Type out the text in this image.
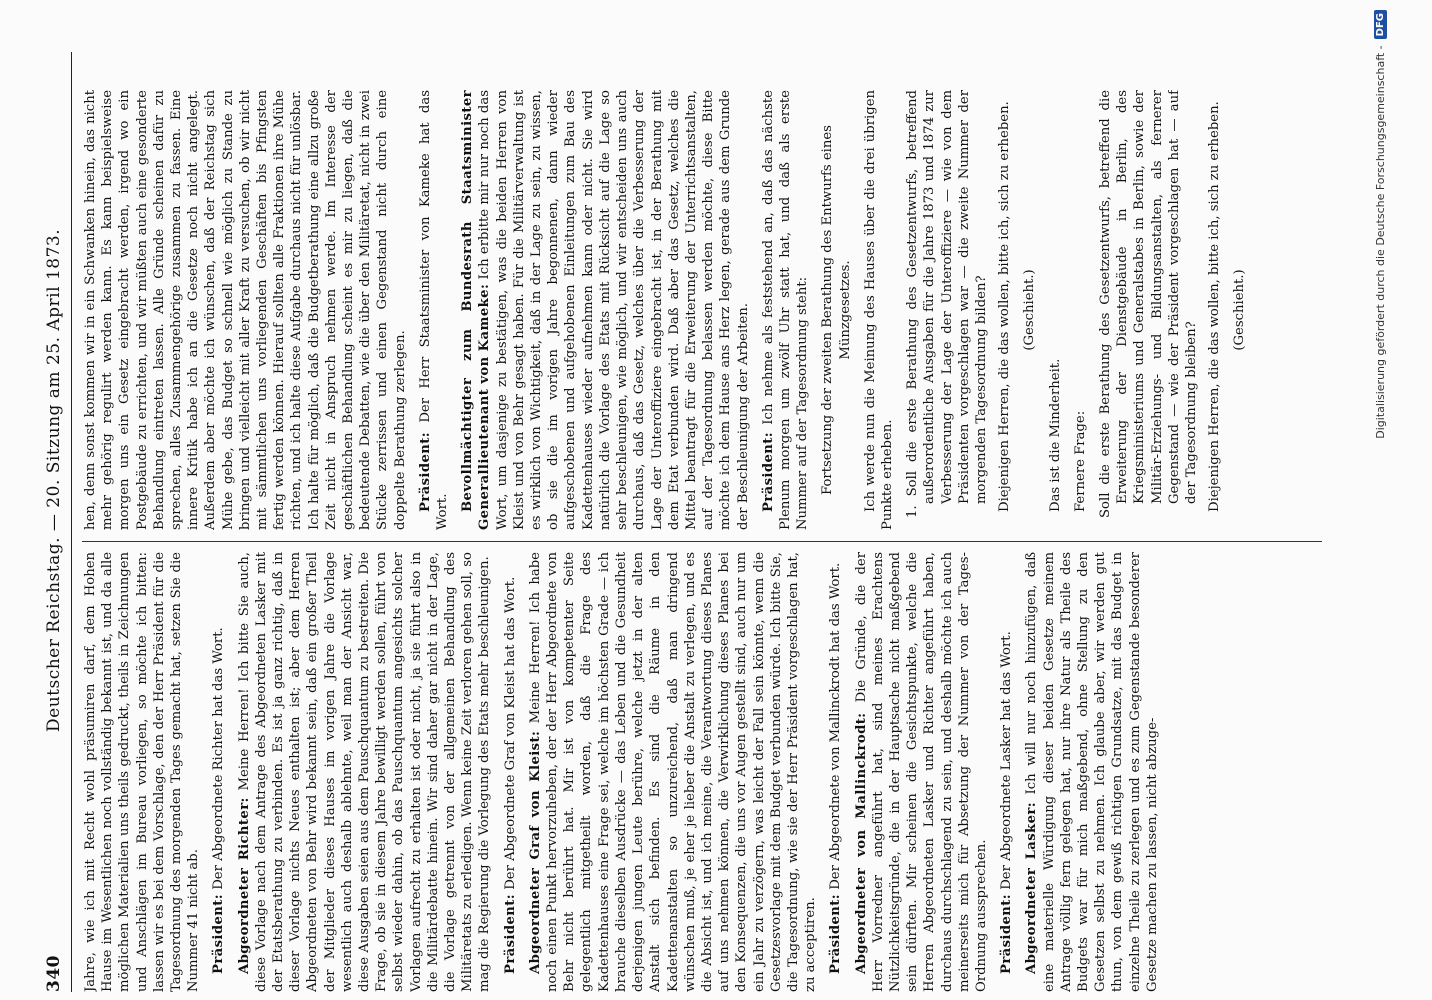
340
Deutscher Reichstag. — 20. Sitzung am 25. April 1873.

Jahre, wie ich mit Recht wohl präsumiren darf, dem Hohen Hause im Wesentlichen noch vollständig bekannt ist, und da alle möglichen Materialien uns theils gedruckt, theils in Zeichnungen und Anschlägen im Bureau vorliegen, so möchte ich bitten: lassen wir es bei dem Vorschlage, den der Herr Präsident für die Tagesordnung des morgenden Tages gemacht hat, setzen Sie die Nummer 41 nicht ab. Präsident: Der Abgeordnete Richter hat das Wort. Abgeordneter Richter: Meine Herren! Ich bitte Sie auch, diese Vorlage nach dem Antrage des Abgeordneten Lasker mit der Etatsberathung zu verbinden. Es ist ja ganz richtig, daß in dieser Vorlage nichts Neues enthalten ist; aber dem Herren Abgeordneten von Behr wird bekannt sein, daß ein großer Theil der Mitglieder dieses Hauses im vorigen Jahre die Vorlage wesentlich auch deshalb ablehnte, weil man der Ansicht war, diese Ausgaben seien aus dem Pauschquantum zu bestreiten. Die Frage, ob sie in diesem Jahre bewilligt werden sollen, führt von selbst wieder dahin, ob das Pauschquantum angesichts solcher Vorlagen aufrecht zu erhalten ist oder nicht, ja sie führt also in die Militärdebatte hinein. Wir sind daher gar nicht in der Lage, die Vorlage getrennt von der allgemeinen Behandlung des Militäretats zu erledigen. Wenn keine Zeit verloren gehen soll, so mag die Regierung die Vorlegung des Etats mehr beschleunigen. Präsident: Der Abgeordnete Graf von Kleist hat das Wort. Abgeordneter Graf von Kleist: Meine Herren! Ich habe noch einen Punkt hervorzuheben, der der Herr Abgeordnete von Behr nicht berührt hat. Mir ist von kompetenter Seite gelegentlich mitgetheilt worden, daß die Frage des Kadettenhauses eine Frage sei, welche im höchsten Grade — ich brauche dieselben Ausdrücke — das Leben und die Gesundheit derjenigen jungen Leute berühre, welche jetzt in der alten Anstalt sich befinden. Es sind die Räume in den Kadettenanstalten so unzureichend, daß man dringend wünschen muß, je eher je lieber die Anstalt zu verlegen, und es die Absicht ist, und ich meine, die Verantwortung dieses Planes auf uns nehmen können, die Verwirklichung dieses Planes bei den Konsequenzen, die uns vor Augen gestellt sind, auch nur um ein Jahr zu verzögern, was leicht der Fall sein könnte, wenn die Gesetzesvorlage mit dem Budget verbunden würde. Ich bitte Sie, die Tagesordnung, wie sie der Herr Präsident vorgeschlagen hat, zu acceptiren. Präsident: Der Abgeordnete von Mallinckrodt hat das Wort. Abgeordneter von Mallinckrodt: Die Gründe, die der Herr Vorredner angeführt hat, sind meines Erachtens Nützlichkeitsgründe, die in der Hauptsache nicht maßgebend sein dürften. Mir scheinen die Gesichtspunkte, welche die Herren Abgeordneten Lasker und Richter angeführt haben, durchaus durchschlagend zu sein, und deshalb möchte ich auch meinerseits mich für Absetzung der Nummer von der Tages-Ordnung aussprechen. Präsident: Der Abgeordnete Lasker hat das Wort. Abgeordneter Lasker: Ich will nur noch hinzufügen, daß eine materielle Würdigung dieser beiden Gesetze meinem Antrage völlig fern gelegen hat, nur ihre Natur als Theile des Budgets war für mich maßgebend, ohne Stellung zu den Gesetzen selbst zu nehmen. Ich glaube aber, wir werden gut thun, von dem gewiß richtigen Grundsatze, mit das Budget in einzelne Theile zu zerlegen und es zum Gegenstande besonderer Gesetze machen zu lassen, nicht abzuge-

hen, denn sonst kommen wir in ein Schwanken hinein, das nicht mehr gehörig regulirt werden kann. Es kann beispielsweise morgen uns ein Gesetz eingebracht werden, irgend wo ein Postgebäude zu errichten, und wir müßten auch eine gesonderte Behandlung eintreten lassen. Alle Gründe scheinen dafür zu sprechen, alles Zusammengehörige zusammen zu fassen. Eine innere Kritik habe ich an die Gesetze noch nicht angelegt. Außerdem aber möchte ich wünschen, daß der Reichstag sich Mühe gebe, das Budget so schnell wie möglich zu Stande zu bringen und vielleicht mit aller Kraft zu versuchen, ob wir nicht mit sämmtlichen uns vorliegenden Geschäften bis Pfingsten fertig werden können. Hierauf sollten alle Fraktionen ihre Mühe richten, und ich halte diese Aufgabe durchaus nicht für unlösbar. Ich halte für möglich, daß die Budgetberathung eine allzu große Zeit nicht in Anspruch nehmen werde. Im Interesse der geschäftlichen Behandlung scheint es mir zu liegen, daß die bedeutende Debatten, wie die über den Militäretat, nicht in zwei Stücke zerrissen und einen Gegenstand nicht durch eine doppelte Berathung zerlegen. Präsident: Der Herr Staatsminister von Kameke hat das Wort. Bevollmächtigter zum Bundesrath Staatsminister Generallieutenant von Kameke: Ich erbitte mir nur noch das Wort, um dasjenige zu bestätigen, was die beiden Herren von Kleist und von Behr gesagt haben. Für die Militärverwaltung ist es wirklich von Wichtigkeit, daß in der Lage zu sein, zu wissen, ob sie die im vorigen Jahre begonnenen, dann wieder aufgeschobenen und aufgehobenen Einleitungen zum Bau des Kadettenhauses wieder aufnehmen kann oder nicht. Sie wird natürlich die Vorlage des Etats mit Rücksicht auf die Lage so sehr beschleunigen, wie möglich, und wir entscheiden uns auch durchaus, daß das Gesetz, welches über die Verbesserung der Lage der Unteroffiziere eingebracht ist, in der Berathung mit dem Etat verbunden wird. Daß aber das Gesetz, welches die Mittel beantragt für die Erweiterung der Unterrichtsanstalten, auf der Tagesordnung belassen werden möchte, diese Bitte möchte ich dem Hause ans Herz legen, gerade aus dem Grunde der Beschleunigung der Arbeiten. Präsident: Ich nehme als feststehend an, daß das nächste Plenum morgen um zwölf Uhr statt hat, und daß als erste Nummer auf der Tagesordnung steht: Fortsetzung der zweiten Berathung des Entwurfs eines Münzgesetzes. Ich werde nun die Meinung des Hauses über die drei übrigen Punkte erheben. 1. Soll die erste Berathung des Gesetzentwurfs, betreffend außerordentliche Ausgaben für die Jahre 1873 und 1874 zur Verbesserung der Lage der Unteroffiziere — wie von dem Präsidenten vorgeschlagen war — die zweite Nummer der morgenden Tagesordnung bilden? Diejenigen Herren, die das wollen, bitte ich, sich zu erheben. (Geschieht.)

Das ist die Minderheit. Fernere Frage: Soll die erste Berathung des Gesetzentwurfs, betreffend die Erweiterung der Dienstgebäude in Berlin, des Kriegsministeriums und Generalstabes in Berlin, sowie der Militär-Erziehungs- und Bildungsanstalten, als fernerer Gegenstand — wie der Präsident vorgeschlagen hat — auf der Tagesordnung bleiben? Diejenigen Herren, die das wollen, bitte ich, sich zu erheben. (Geschieht.)	Digitalisierung gefördert durch die Deutsche Forschungsgemeinschaft -
DFG
